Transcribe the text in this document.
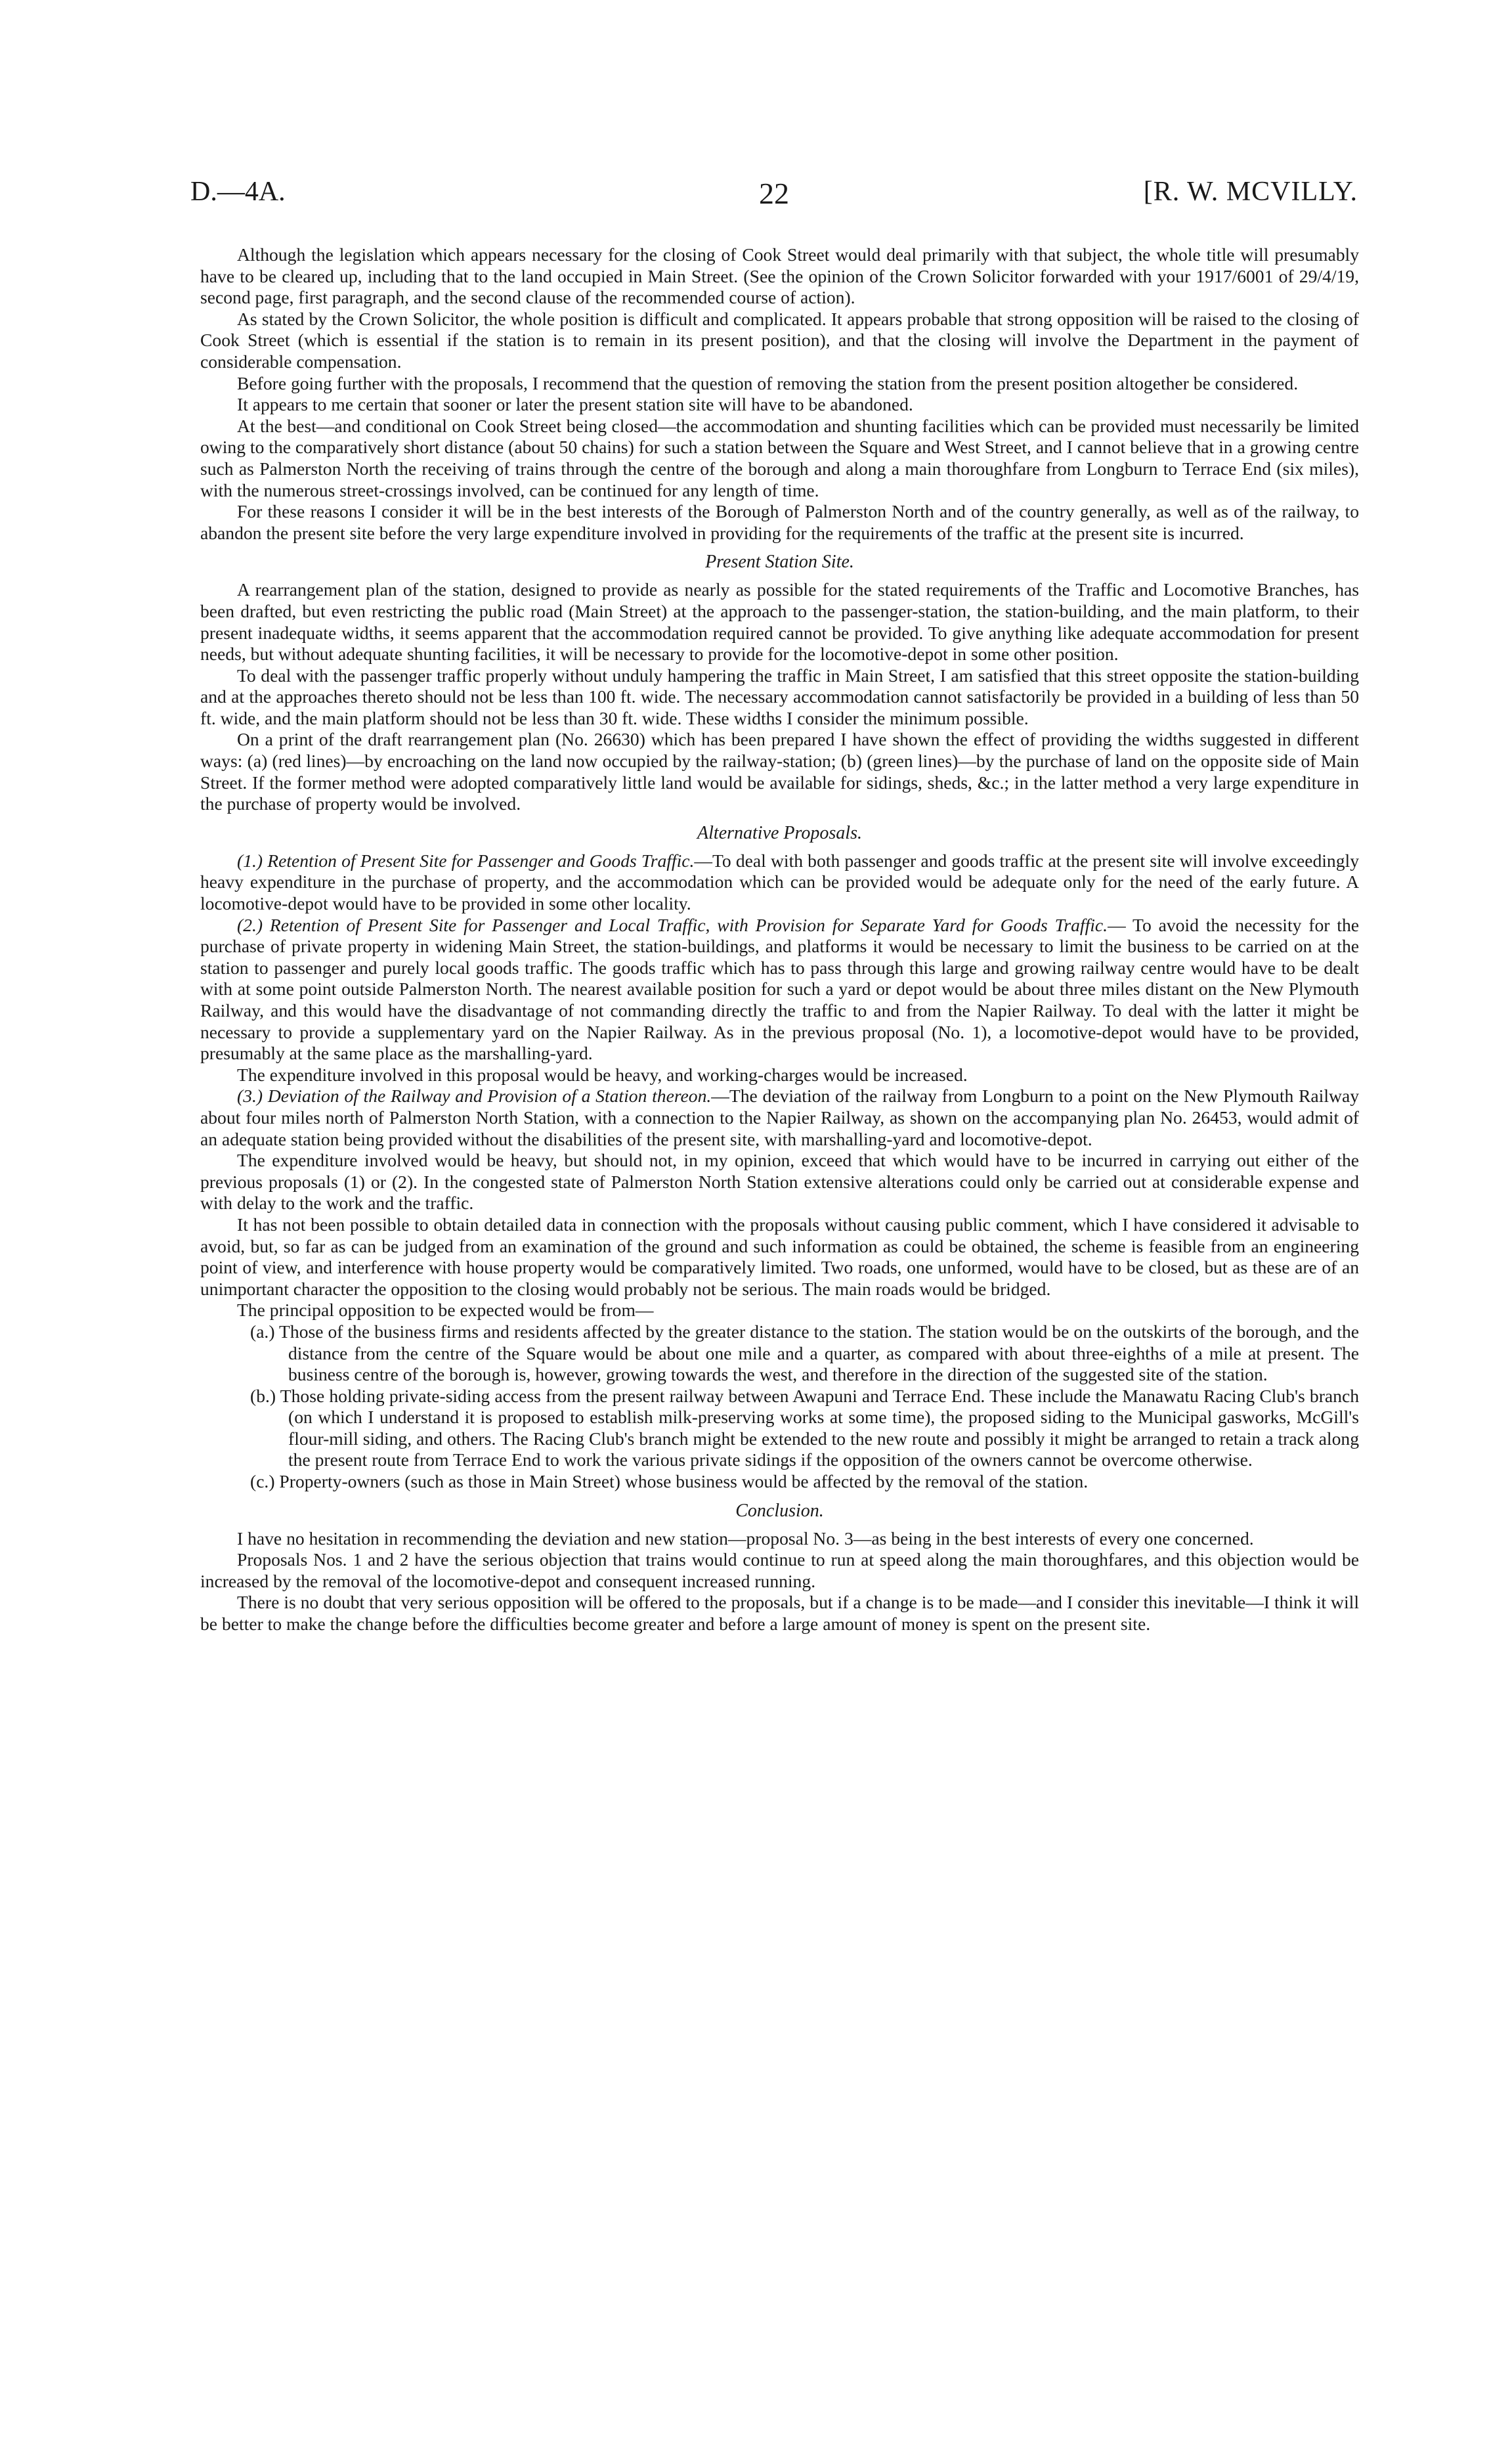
D.—4A.	22	[R. W. MCVILLY.

Although the legislation which appears necessary for the closing of Cook Street would deal primarily with that subject, the whole title will presumably have to be cleared up, including that to the land occupied in Main Street. (See the opinion of the Crown Solicitor forwarded with your 1917/6001 of 29/4/19, second page, first paragraph, and the second clause of the recommended course of action).

As stated by the Crown Solicitor, the whole position is difficult and complicated. It appears probable that strong opposition will be raised to the closing of Cook Street (which is essential if the station is to remain in its present position), and that the closing will involve the Department in the payment of considerable compensation.

Before going further with the proposals, I recommend that the question of removing the station from the present position altogether be considered.

It appears to me certain that sooner or later the present station site will have to be abandoned.

At the best—and conditional on Cook Street being closed—the accommodation and shunting facilities which can be provided must necessarily be limited owing to the comparatively short distance (about 50 chains) for such a station between the Square and West Street, and I cannot believe that in a growing centre such as Palmerston North the receiving of trains through the centre of the borough and along a main thoroughfare from Longburn to Terrace End (six miles), with the numerous street-crossings involved, can be continued for any length of time.

For these reasons I consider it will be in the best interests of the Borough of Palmerston North and of the country generally, as well as of the railway, to abandon the present site before the very large expenditure involved in providing for the requirements of the traffic at the present site is incurred.

Present Station Site.

A rearrangement plan of the station, designed to provide as nearly as possible for the stated requirements of the Traffic and Locomotive Branches, has been drafted, but even restricting the public road (Main Street) at the approach to the passenger-station, the station-building, and the main platform, to their present inadequate widths, it seems apparent that the accommodation required cannot be provided. To give anything like adequate accommodation for present needs, but without adequate shunting facilities, it will be necessary to provide for the locomotive-depot in some other position.

To deal with the passenger traffic properly without unduly hampering the traffic in Main Street, I am satisfied that this street opposite the station-building and at the approaches thereto should not be less than 100 ft. wide. The necessary accommodation cannot satisfactorily be provided in a building of less than 50 ft. wide, and the main platform should not be less than 30 ft. wide. These widths I consider the minimum possible.

On a print of the draft rearrangement plan (No. 26630) which has been prepared I have shown the effect of providing the widths suggested in different ways: (a) (red lines)—by encroaching on the land now occupied by the railway-station; (b) (green lines)—by the purchase of land on the opposite side of Main Street. If the former method were adopted comparatively little land would be available for sidings, sheds, &c.; in the latter method a very large expenditure in the purchase of property would be involved.

Alternative Proposals.

(1.) Retention of Present Site for Passenger and Goods Traffic.—To deal with both passenger and goods traffic at the present site will involve exceedingly heavy expenditure in the purchase of property, and the accommodation which can be provided would be adequate only for the need of the early future. A locomotive-depot would have to be provided in some other locality.

(2.) Retention of Present Site for Passenger and Local Traffic, with Provision for Separate Yard for Goods Traffic.— To avoid the necessity for the purchase of private property in widening Main Street, the station-buildings, and platforms it would be necessary to limit the business to be carried on at the station to passenger and purely local goods traffic. The goods traffic which has to pass through this large and growing railway centre would have to be dealt with at some point outside Palmerston North. The nearest available position for such a yard or depot would be about three miles distant on the New Plymouth Railway, and this would have the disadvantage of not commanding directly the traffic to and from the Napier Railway. To deal with the latter it might be necessary to provide a supplementary yard on the Napier Railway. As in the previous proposal (No. 1), a locomotive-depot would have to be provided, presumably at the same place as the marshalling-yard.

The expenditure involved in this proposal would be heavy, and working-charges would be increased.

(3.) Deviation of the Railway and Provision of a Station thereon.—The deviation of the railway from Longburn to a point on the New Plymouth Railway about four miles north of Palmerston North Station, with a connection to the Napier Railway, as shown on the accompanying plan No. 26453, would admit of an adequate station being provided without the disabilities of the present site, with marshalling-yard and locomotive-depot.

The expenditure involved would be heavy, but should not, in my opinion, exceed that which would have to be incurred in carrying out either of the previous proposals (1) or (2). In the congested state of Palmerston North Station extensive alterations could only be carried out at considerable expense and with delay to the work and the traffic.

It has not been possible to obtain detailed data in connection with the proposals without causing public comment, which I have considered it advisable to avoid, but, so far as can be judged from an examination of the ground and such information as could be obtained, the scheme is feasible from an engineering point of view, and interference with house property would be comparatively limited. Two roads, one unformed, would have to be closed, but as these are of an unimportant character the opposition to the closing would probably not be serious. The main roads would be bridged.

The principal opposition to be expected would be from—

(a.) Those of the business firms and residents affected by the greater distance to the station. The station would be on the outskirts of the borough, and the distance from the centre of the Square would be about one mile and a quarter, as compared with about three-eighths of a mile at present. The business centre of the borough is, however, growing towards the west, and therefore in the direction of the suggested site of the station.

(b.) Those holding private-siding access from the present railway between Awapuni and Terrace End. These include the Manawatu Racing Club's branch (on which I understand it is proposed to establish milk-preserving works at some time), the proposed siding to the Municipal gasworks, McGill's flour-mill siding, and others. The Racing Club's branch might be extended to the new route and possibly it might be arranged to retain a track along the present route from Terrace End to work the various private sidings if the opposition of the owners cannot be overcome otherwise.

(c.) Property-owners (such as those in Main Street) whose business would be affected by the removal of the station.

Conclusion.

I have no hesitation in recommending the deviation and new station—proposal No. 3—as being in the best interests of every one concerned.

Proposals Nos. 1 and 2 have the serious objection that trains would continue to run at speed along the main thoroughfares, and this objection would be increased by the removal of the locomotive-depot and consequent increased running.

There is no doubt that very serious opposition will be offered to the proposals, but if a change is to be made—and I consider this inevitable—I think it will be better to make the change before the difficulties become greater and before a large amount of money is spent on the present site.
